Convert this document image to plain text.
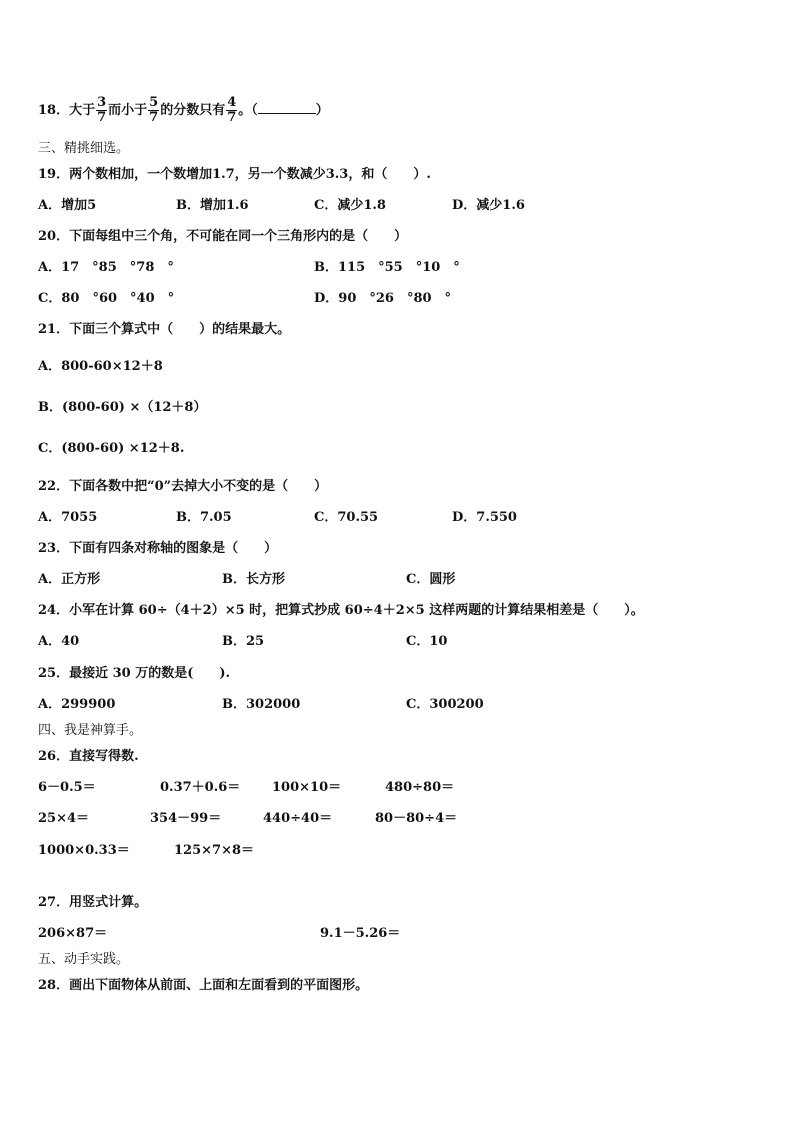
18．大于 $\frac{3}{7}$ 而小于 $\frac{5}{7}$ 的分数只有 $\frac{4}{7}$ 。（	）
三、精挑细选。
19．两个数相加，一个数增加1.7，另一个数减少3.3，和（　　）.
A．增加5	B．增加1.6	C．减少1.8	D．减少1.6
20．下面每组中三个角，不可能在同一个三角形内的是（　　）
A．17　°85　°78　°	B．115　°55　°10　°
C．80　°60　°40　°	D．90　°26　°80　°
21．下面三个算式中（　　）的结果最大。
A．800-60×12＋8
B．(800-60) ×（12＋8）
C．(800-60) ×12＋8.
22．下面各数中把“0”去掉大小不变的是（　　）
A．7055	B．7.05	C．70.55	D．7.550
23．下面有四条对称轴的图象是（　　）
A．正方形	B．长方形	C．圆形
24．小军在计算 60÷（4＋2）×5 时，把算式抄成 60÷4＋2×5 这样两题的计算结果相差是（　　）。
A．40	B．25	C．10
25．最接近 30 万的数是(　　).
A．299900	B．302000	C．300200
四、我是神算手。
26．直接写得数.
6－0.5＝	0.37＋0.6＝ 100×10＝	480÷80＝
25×4＝	354－99＝	440÷40＝	80－80÷4＝
1000×0.33＝	125×7×8＝
27．用竖式计算。
206×87＝	9.1－5.26＝
五、动手实践。
28．画出下面物体从前面、上面和左面看到的平面图形。
